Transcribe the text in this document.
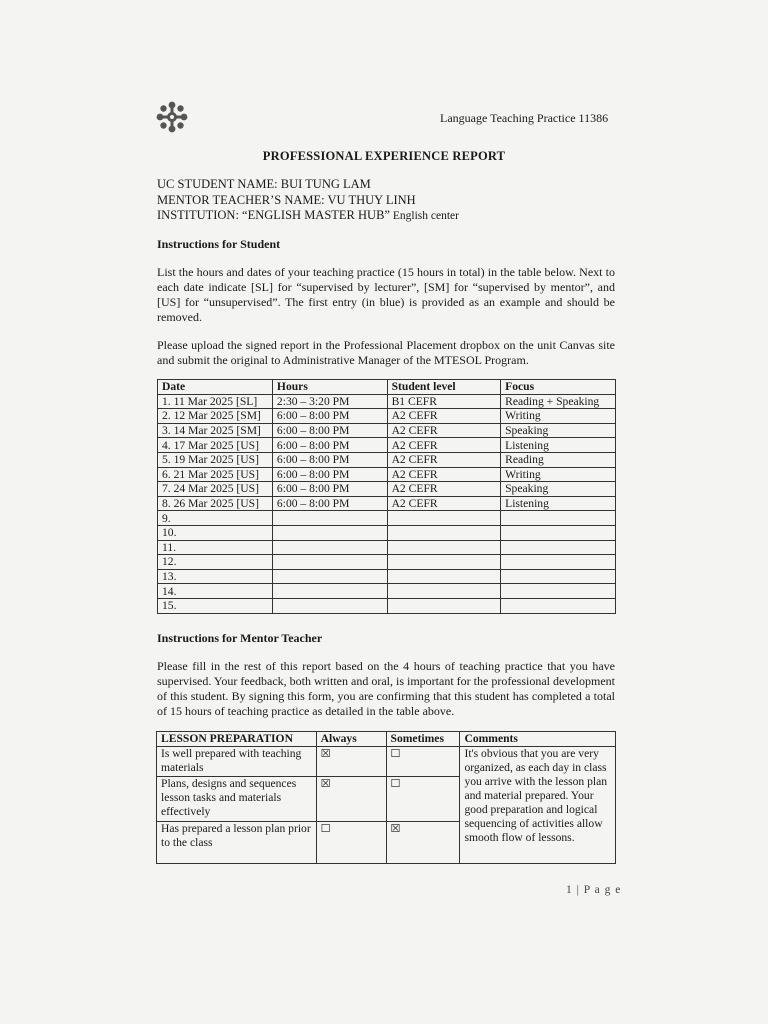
Language Teaching Practice 11386
PROFESSIONAL EXPERIENCE REPORT
UC STUDENT NAME: BUI TUNG LAM
MENTOR TEACHER’S NAME: VU THUY LINH
INSTITUTION: “ENGLISH MASTER HUB” English center
Instructions for Student
List the hours and dates of your teaching practice (15 hours in total) in the table below. Next to each date indicate [SL] for “supervised by lecturer”, [SM] for “supervised by mentor”, and [US] for “unsupervised”. The first entry (in blue) is provided as an example and should be removed.
Please upload the signed report in the Professional Placement dropbox on the unit Canvas site and submit the original to Administrative Manager of the MTESOL Program.
Date	Hours	Student level	Focus
1. 11 Mar 2025 [SL]	2:30 – 3:20 PM	B1 CEFR	Reading + Speaking
2. 12 Mar 2025 [SM]	6:00 – 8:00 PM	A2 CEFR	Writing
3. 14 Mar 2025 [SM]	6:00 – 8:00 PM	A2 CEFR	Speaking
4. 17 Mar 2025 [US]	6:00 – 8:00 PM	A2 CEFR	Listening
5. 19 Mar 2025 [US]	6:00 – 8:00 PM	A2 CEFR	Reading
6. 21 Mar 2025 [US]	6:00 – 8:00 PM	A2 CEFR	Writing
7. 24 Mar 2025 [US]	6:00 – 8:00 PM	A2 CEFR	Speaking
8. 26 Mar 2025 [US]	6:00 – 8:00 PM	A2 CEFR	Listening
9.			
10.			
11.			
12.			
13.			
14.			
15.			
Instructions for Mentor Teacher
Please fill in the rest of this report based on the 4 hours of teaching practice that you have supervised. Your feedback, both written and oral, is important for the professional development of this student. By signing this form, you are confirming that this student has completed a total of 15 hours of teaching practice as detailed in the table above.
LESSON PREPARATION	Always	Sometimes	Comments
Is well prepared with teaching materials	☒	☐	It's obvious that you are very organized, as each day in class you arrive with the lesson plan and material prepared. Your good preparation and logical sequencing of activities allow smooth flow of lessons.
Plans, designs and sequences lesson tasks and materials effectively	☒	☐	
Has prepared a lesson plan prior to the class	☐	☒	
1 | P a g e
